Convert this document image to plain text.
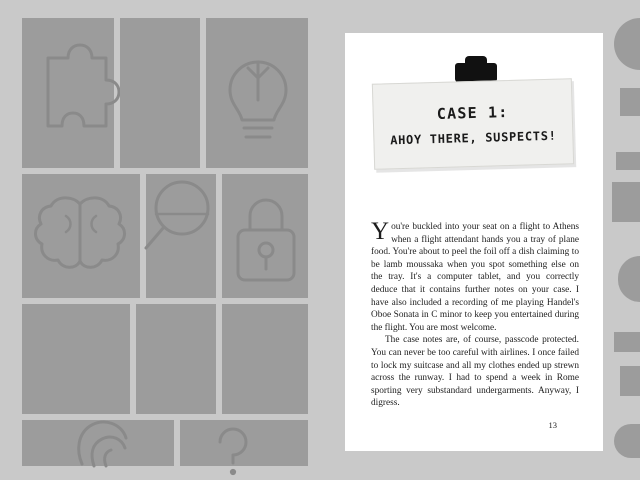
CASE 1:
AHOY THERE, SUSPECTS!

You're buckled into your seat on a flight to Athens when a flight attendant hands you a tray of plane food. You're about to peel the foil off a dish claiming to be lamb moussaka when you spot something else on the tray. It's a computer tablet, and you correctly deduce that it contains further notes on your case. I have also included a recording of me playing Handel's Oboe Sonata in C minor to keep you entertained during the flight. You are most welcome.

The case notes are, of course, passcode protected. You can never be too careful with airlines. I once failed to lock my suitcase and all my clothes ended up strewn across the runway. I had to spend a week in Rome sporting very substandard undergarments. Anyway, I digress.

13
